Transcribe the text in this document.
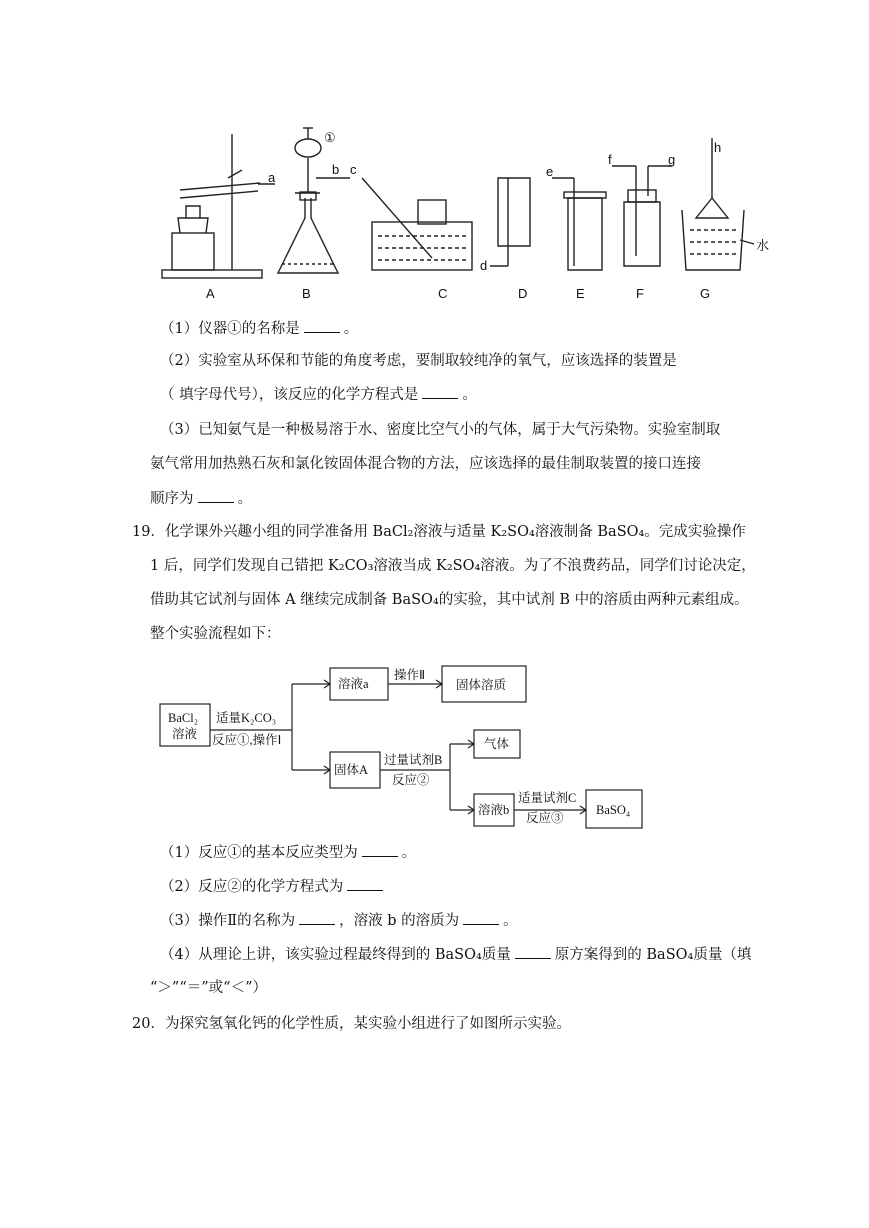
A	B	C	D	E	F	G
a
b c
d
e
f	g
h
①
水
（1）仪器①的名称是	。
（2）实验室从环保和节能的角度考虑，要制取较纯净的氧气，应该选择的装置是
（ 填字母代号），该反应的化学方程式是	。
（3）已知氨气是一种极易溶于水、密度比空气小的气体，属于大气污染物。实验室制取
氨气常用加热熟石灰和氯化铵固体混合物的方法，应该选择的最佳制取装置的接口连接
顺序为	。
19．化学课外兴趣小组的同学准备用 BaCl₂溶液与适量 K₂SO₄溶液制备 BaSO₄。完成实验操作
1 后，同学们发现自己错把 K₂CO₃溶液当成 K₂SO₄溶液。为了不浪费药品，同学们讨论决定，
借助其它试剂与固体 A 继续完成制备 BaSO₄的实验，其中试剂 B 中的溶质由两种元素组成。
整个实验流程如下：
BaCl₂
溶液
适量K₂CO₃
反应①,操作Ⅰ
溶液a
操作Ⅱ
固体溶质
固体A
过量试剂B
反应②
气体
溶液b
适量试剂C
反应③
BaSO₄
（1）反应①的基本反应类型为	。
（2）反应②的化学方程式为
（3）操作Ⅱ的名称为	，溶液 b 的溶质为	。
（4）从理论上讲，该实验过程最终得到的 BaSO₄质量	原方案得到的 BaSO₄质量（填
“＞”“＝”或“＜”）
20．为探究氢氧化钙的化学性质，某实验小组进行了如图所示实验。
